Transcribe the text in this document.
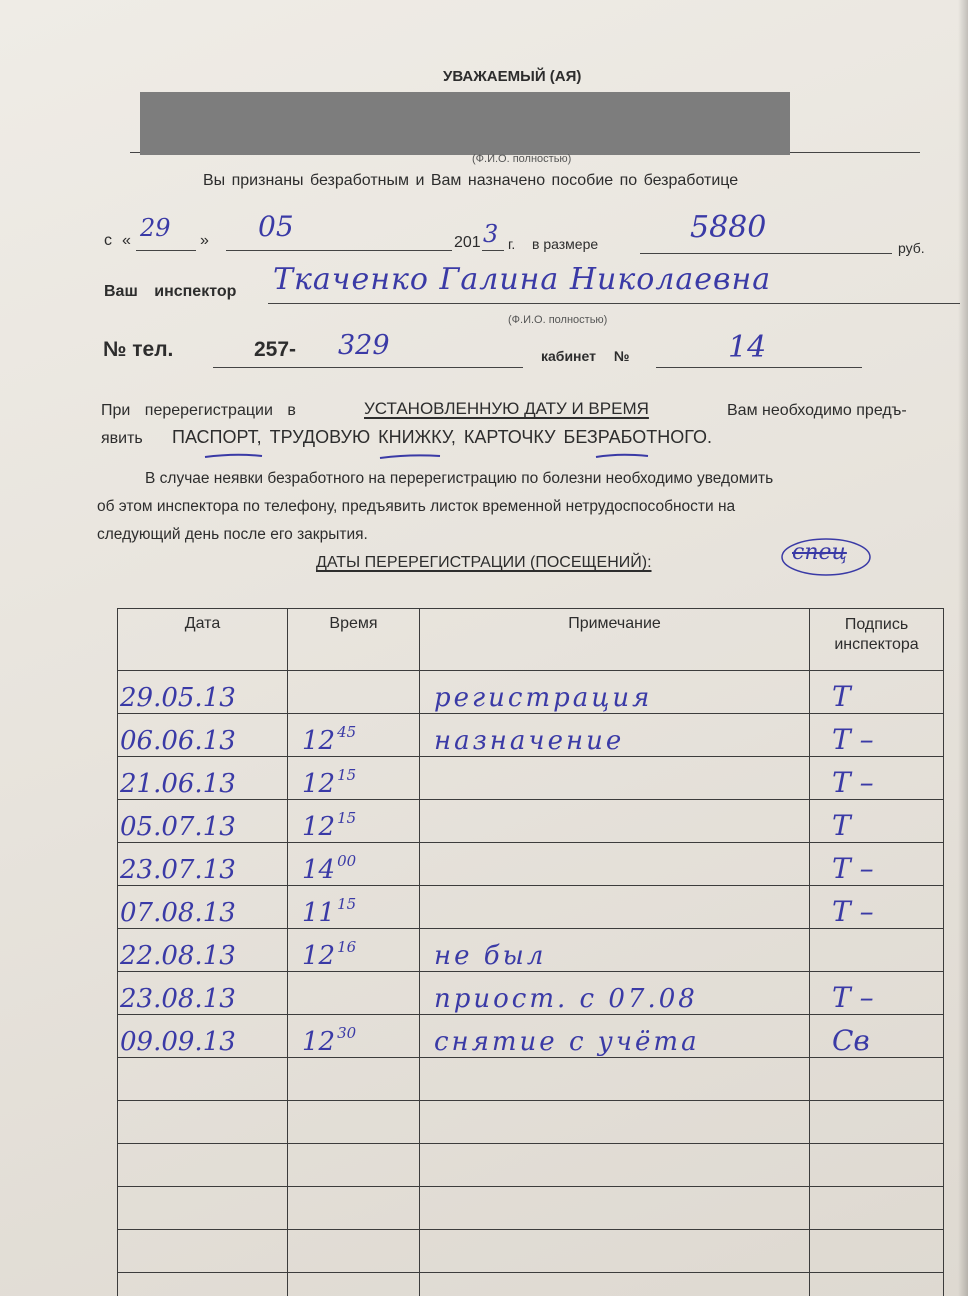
УВАЖАЕМЫЙ (АЯ)
(Ф.И.О. полностью)
Вы признаны безработным и Вам назначено пособие по безработице
с « 29 » 05	201 3 г. в размере	5880
руб.
Ваш инспектор Ткаченко Галина Николаевна
(Ф.И.О. полностью)
№ тел.	257- 329	кабинет №	14
При перерегистрации в	УСТАНОВЛЕННУЮ ДАТУ И ВРЕМЯ	Вам необходимо предъ-
явить ПАСПОРТ, ТРУДОВУЮ КНИЖКУ, КАРТОЧКУ БЕЗРАБОТНОГО.
В случае неявки безработного на перерегистрацию по болезни необходимо уведомить
об этом инспектора по телефону, предъявить листок временной нетрудоспособности на
следующий день после его закрытия.
ДАТЫ ПЕРЕРЕГИСТРАЦИИ (ПОСЕЩЕНИЙ):	спец
Дата	Время	Примечание	Подпись инспектора
29.05.13		регистрация	Т
06.06.13	12 45	назначение	Т –
21.06.13	12 15		Т –
05.07.13	12 15		Т
23.07.13	14 00		Т –
07.08.13	11 15		Т –
22.08.13	12 16	не был	
23.08.13		приост. с 07.08	Т –
09.09.13	12 30	снятие с учёта	Св
